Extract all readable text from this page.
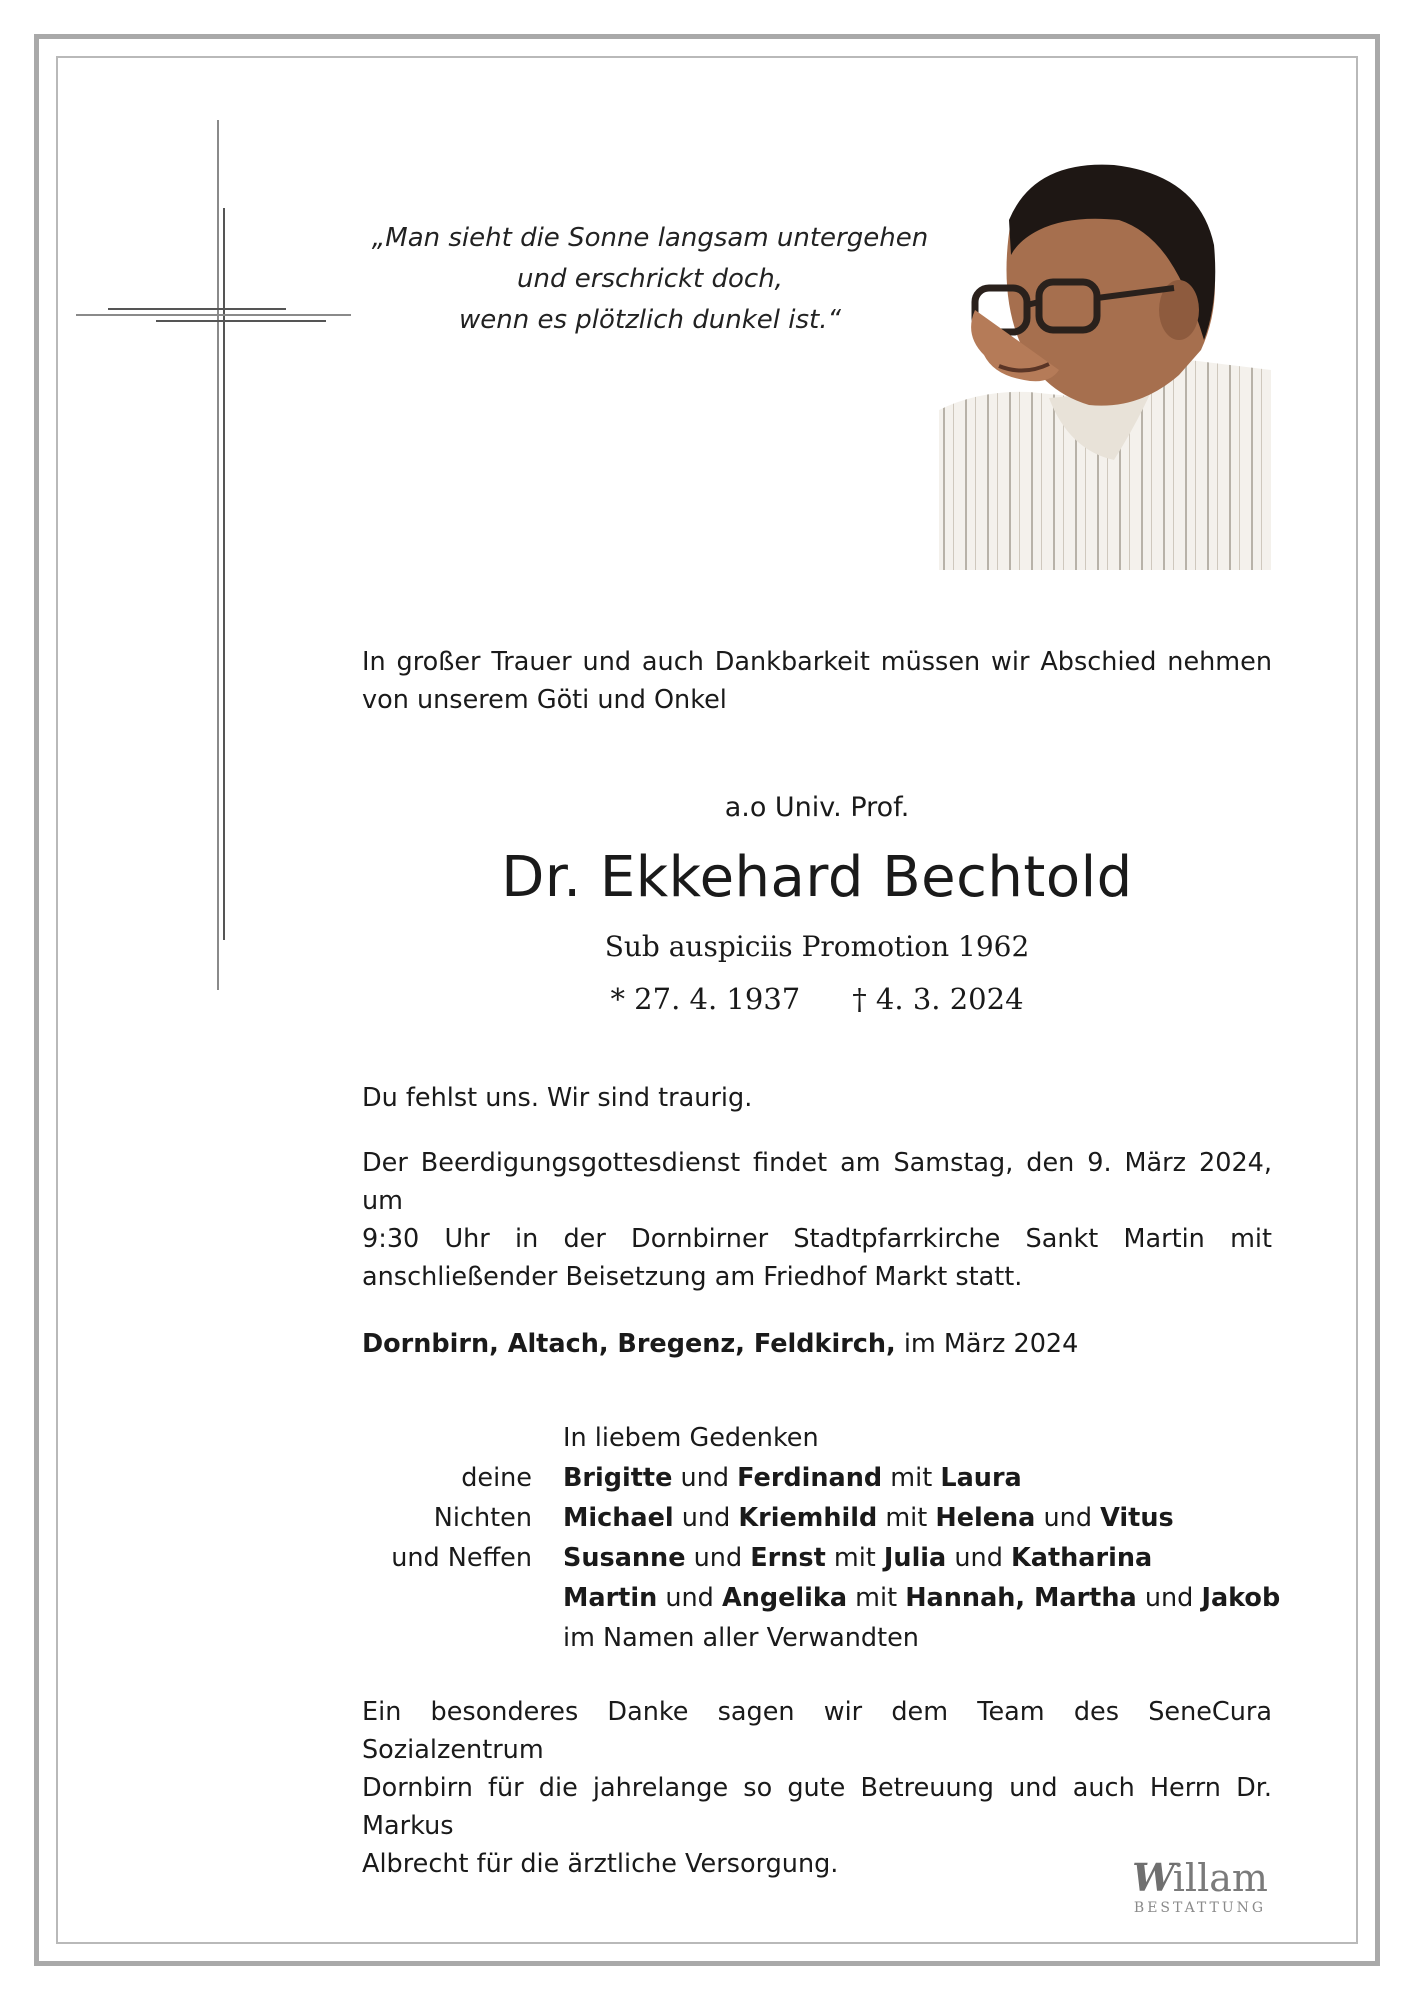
„Man sieht die Sonne langsam untergehen
und erschrickt doch,
wenn es plötzlich dunkel ist.“
In großer Trauer und auch Dankbarkeit müssen wir Abschied nehmen von unserem Göti und Onkel
a.o Univ. Prof.
Dr. Ekkehard Bechtold
Sub auspiciis Promotion 1962
* 27. 4. 1937 † 4. 3. 2024
Du fehlst uns. Wir sind traurig.
Der Beerdigungsgottesdienst findet am Samstag, den 9. März 2024, um
9:30 Uhr in der Dornbirner Stadtpfarrkirche Sankt Martin mit
anschließender Beisetzung am Friedhof Markt statt.
Dornbirn, Altach, Bregenz, Feldkirch, im März 2024
deine Nichten
und Neffen
In liebem Gedenken
Brigitte und Ferdinand mit Laura
Michael und Kriemhild mit Helena und Vitus
Susanne und Ernst mit Julia und Katharina
Martin und Angelika mit Hannah, Martha und Jakob
im Namen aller Verwandten
Ein besonderes Danke sagen wir dem Team des SeneCura Sozialzentrum
Dornbirn für die jahrelange so gute Betreuung und auch Herrn Dr. Markus
Albrecht für die ärztliche Versorgung.	W illam
BESTATTUNG
